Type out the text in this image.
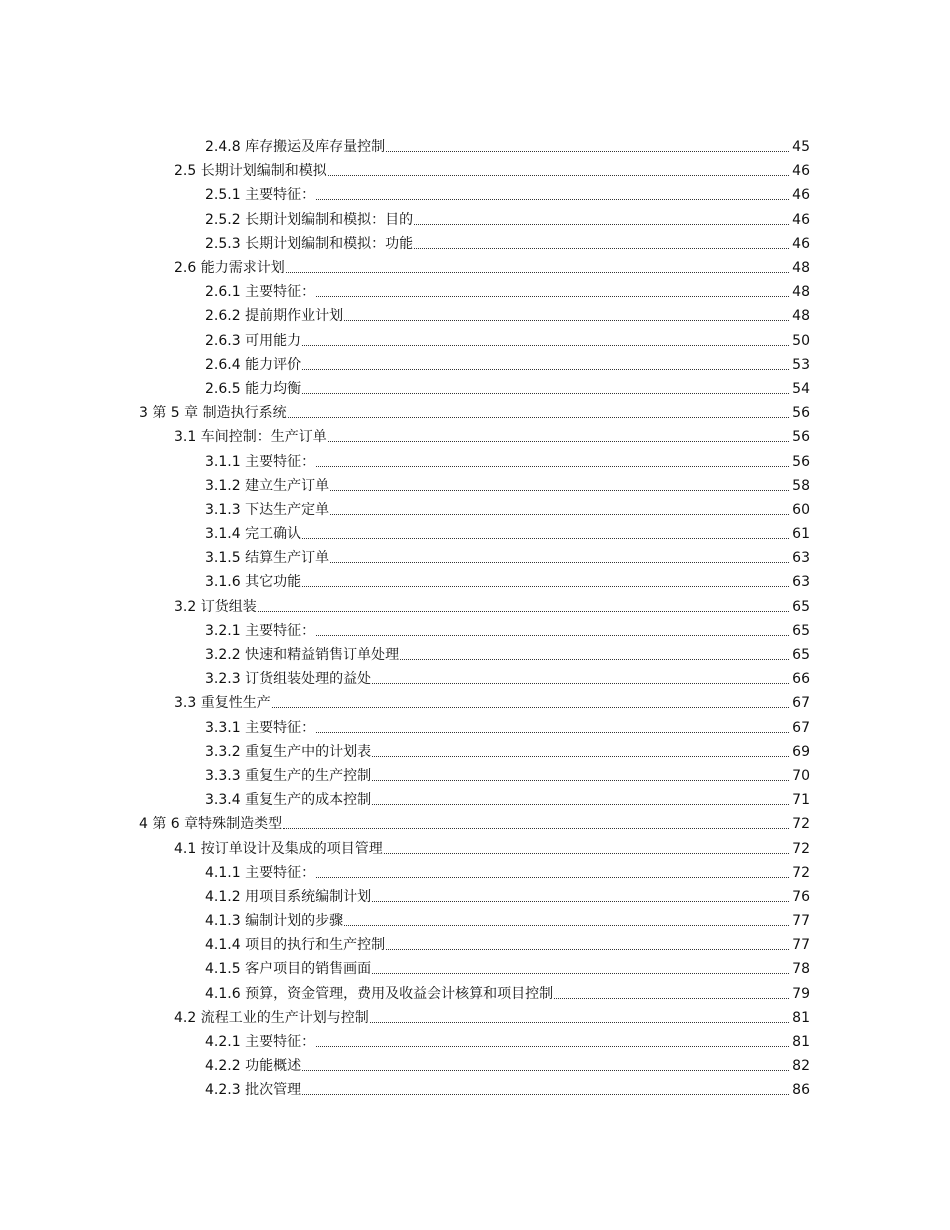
2.4.8 库存搬运及库存量控制	45
2.5 长期计划编制和模拟	46
2.5.1 主要特征：	46
2.5.2 长期计划编制和模拟：目的	46
2.5.3 长期计划编制和模拟：功能	46
2.6 能力需求计划	48
2.6.1 主要特征：	48
2.6.2 提前期作业计划	48
2.6.3 可用能力	50
2.6.4 能力评价	53
2.6.5 能力均衡	54
3 第 5 章 制造执行系统	56
3.1 车间控制：生产订单	56
3.1.1 主要特征：	56
3.1.2 建立生产订单	58
3.1.3 下达生产定单	60
3.1.4 完工确认	61
3.1.5 结算生产订单	63
3.1.6 其它功能	63
3.2 订货组装	65
3.2.1 主要特征：	65
3.2.2 快速和精益销售订单处理	65
3.2.3 订货组装处理的益处	66
3.3 重复性生产	67
3.3.1 主要特征：	67
3.3.2 重复生产中的计划表	69
3.3.3 重复生产的生产控制	70
3.3.4 重复生产的成本控制	71
4 第 6 章特殊制造类型	72
4.1 按订单设计及集成的项目管理	72
4.1.1 主要特征：	72
4.1.2 用项目系统编制计划	76
4.1.3 编制计划的步骤	77
4.1.4 项目的执行和生产控制	77
4.1.5 客户项目的销售画面	78
4.1.6 预算，资金管理，费用及收益会计核算和项目控制	79
4.2 流程工业的生产计划与控制	81
4.2.1 主要特征：	81
4.2.2 功能概述	82
4.2.3 批次管理	86
